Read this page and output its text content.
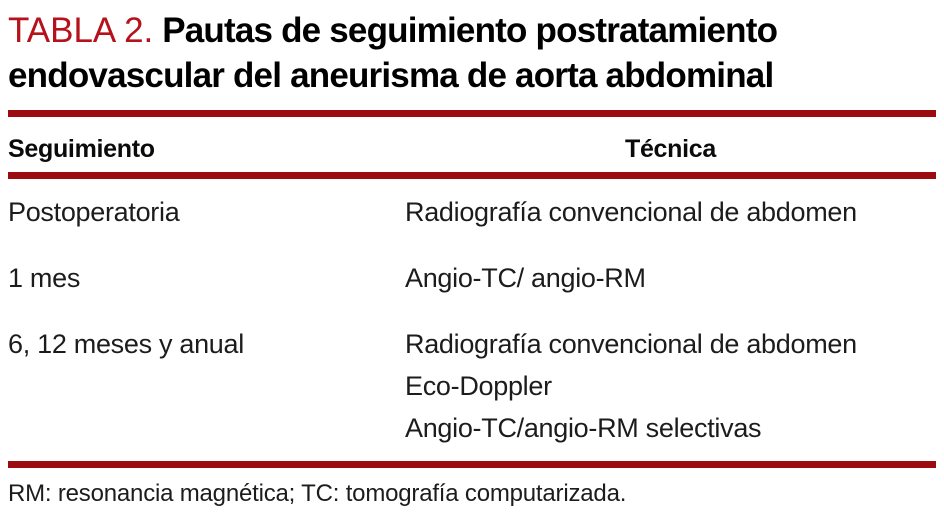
TABLA 2. Pautas de seguimiento postratamiento
endovascular del aneurisma de aorta abdominal
Seguimiento	Técnica
Postoperatoria	Radiografía convencional de abdomen
1 mes	Angio-TC/ angio-RM
6, 12 meses y anual	Radiografía convencional de abdomen
Eco-Doppler
Angio-TC/angio-RM selectivas
RM: resonancia magnética; TC: tomografía computarizada.
